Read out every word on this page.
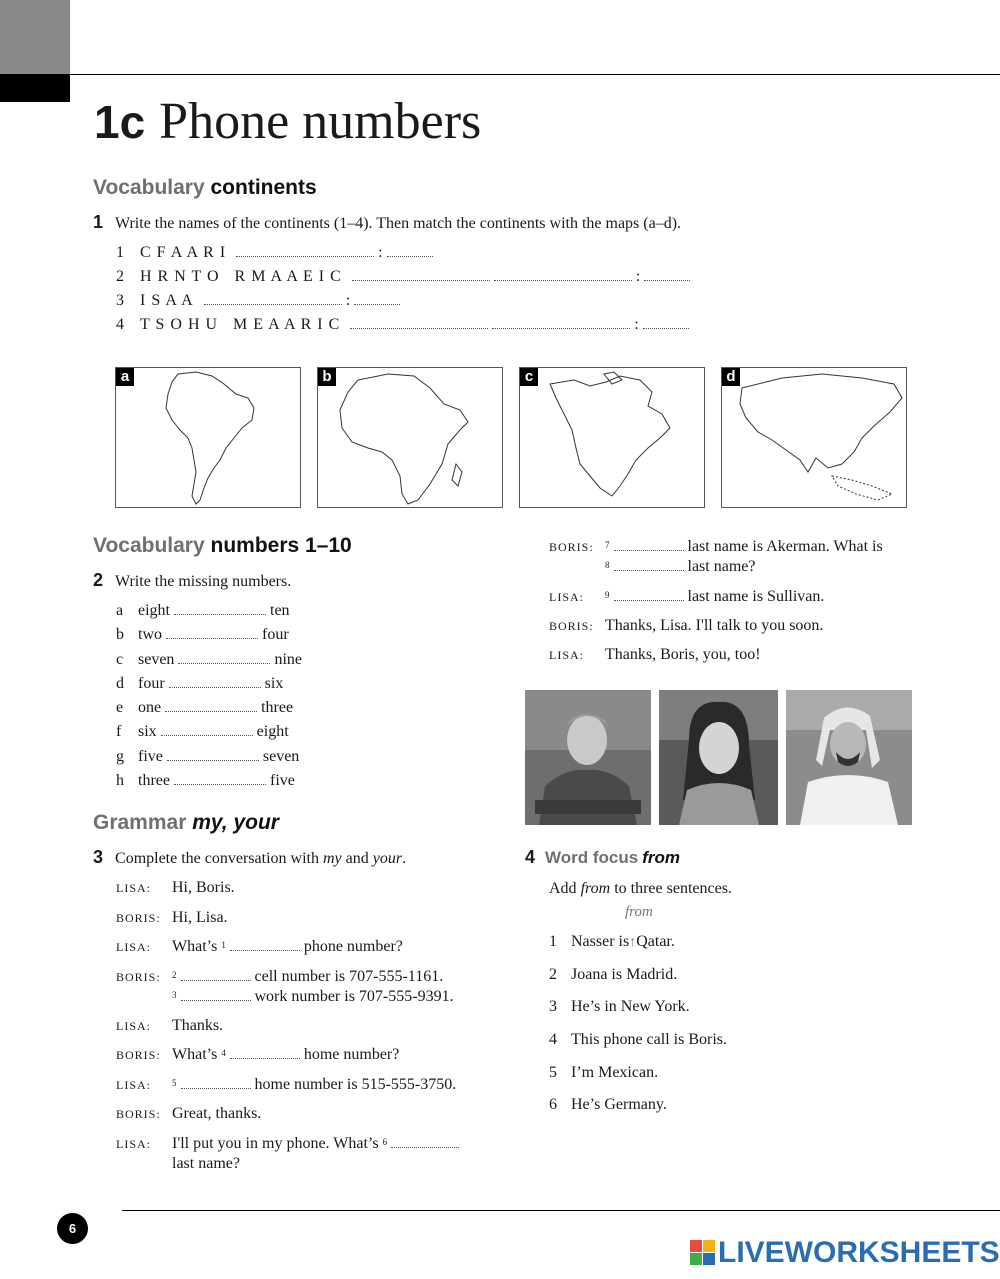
1c Phone numbers
Vocabulary continents
1 Write the names of the continents (1–4). Then match the continents with the maps (a–d).
1 C F A A R I	:
2 H R N T O   R M A A E I C	:
3 I S A A	:
4 T S O H U   M E A A R I C	:
a	b	c	d
Vocabulary numbers 1–10
2 Write the missing numbers.
a eight	ten
b two	four
c seven	nine
d four	six
e one	three
f six	eight
g five	seven
h three	five
Grammar my, your
3 Complete the conversation with my and your.
LISA: Hi, Boris.
BORIS: Hi, Lisa.
LISA: What’s $^1$	phone number?
BORIS: $^2$	cell number is 707-555-1161.
$^3$	work number is 707-555-9391.
LISA: Thanks.
BORIS: What’s $^4$	home number?
LISA: $^5$	home number is 515-555-3750.
BORIS: Great, thanks.
LISA: I'll put you in my phone. What’s $^6$
last name?
BORIS: $^7$	last name is Akerman. What is
$^8$	last name?
LISA: $^9$	last name is Sullivan.
BORIS: Thanks, Lisa. I'll talk to you soon.
LISA: Thanks, Boris, you, too!
4 Word focus from
Add from to three sentences.
from
1 Nasser is↑Qatar.
2 Joana is Madrid.
3 He’s in New York.
4 This phone call is Boris.
5 I’m Mexican.
6 He’s Germany.
6
LIVEWORKSHEETS
